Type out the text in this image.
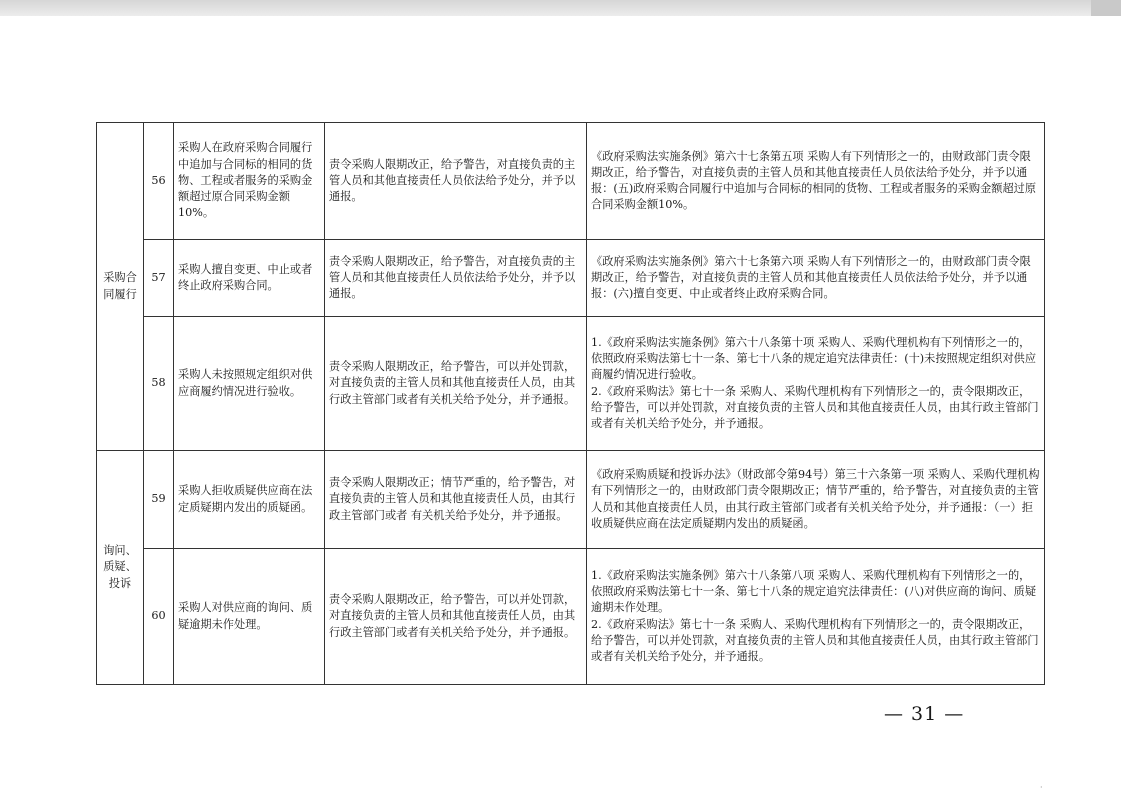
采购合同履行	56	采购人在政府采购合同履行中追加与合同标的相同的货物、工程或者服务的采购金额超过原合同采购金额10%。	责令采购人限期改正，给予警告，对直接负责的主管人员和其他直接责任人员依法给予处分，并予以通报。	《政府采购法实施条例》第六十七条第五项 采购人有下列情形之一的，由财政部门责令限期改正，给予警告，对直接负责的主管人员和其他直接责任人员依法给予处分，并予以通报：(五)政府采购合同履行中追加与合同标的相同的货物、工程或者服务的采购金额超过原合同采购金额10%。

	57	采购人擅自变更、中止或者终止政府采购合同。	责令采购人限期改正，给予警告，对直接负责的主管人员和其他直接责任人员依法给予处分，并予以通报。	《政府采购法实施条例》第六十七条第六项 采购人有下列情形之一的，由财政部门责令限期改正，给予警告，对直接负责的主管人员和其他直接责任人员依法给予处分，并予以通报：(六)擅自变更、中止或者终止政府采购合同。

	58	采购人未按照规定组织对供应商履约情况进行验收。	责令采购人限期改正，给予警告，可以并处罚款，对直接负责的主管人员和其他直接责任人员，由其行政主管部门或者有关机关给予处分，并予通报。	1.《政府采购法实施条例》第六十八条第十项 采购人、采购代理机构有下列情形之一的，依照政府采购法第七十一条、第七十八条的规定追究法律责任：(十)未按照规定组织对供应商履约情况进行验收。
2.《政府采购法》第七十一条 采购人、采购代理机构有下列情形之一的，责令限期改正，给予警告，可以并处罚款，对直接负责的主管人员和其他直接责任人员，由其行政主管部门或者有关机关给予处分，并予通报。

询问、质疑、投诉	59	采购人拒收质疑供应商在法定质疑期内发出的质疑函。	责令采购人限期改正；情节严重的，给予警告，对直接负责的主管人员和其他直接责任人员，由其行政主管部门或者 有关机关给予处分，并予通报。	《政府采购质疑和投诉办法》（财政部令第94号）第三十六条第一项 采购人、采购代理机构有下列情形之一的，由财政部门责令限期改正；情节严重的，给予警告，对直接负责的主管人员和其他直接责任人员，由其行政主管部门或者有关机关给予处分，并予通报：（一）拒收质疑供应商在法定质疑期内发出的质疑函。

	60	采购人对供应商的询问、质疑逾期未作处理。	责令采购人限期改正，给予警告，可以并处罚款，对直接负责的主管人员和其他直接责任人员，由其行政主管部门或者有关机关给予处分，并予通报。	1.《政府采购法实施条例》第六十八条第八项 采购人、采购代理机构有下列情形之一的，依照政府采购法第七十一条、第七十八条的规定追究法律责任：(八)对供应商的询问、质疑逾期未作处理。
2.《政府采购法》第七十一条 采购人、采购代理机构有下列情形之一的，责令限期改正，给予警告，可以并处罚款，对直接负责的主管人员和其他直接责任人员，由其行政主管部门或者有关机关给予处分，并予通报。
— 31 —
·
